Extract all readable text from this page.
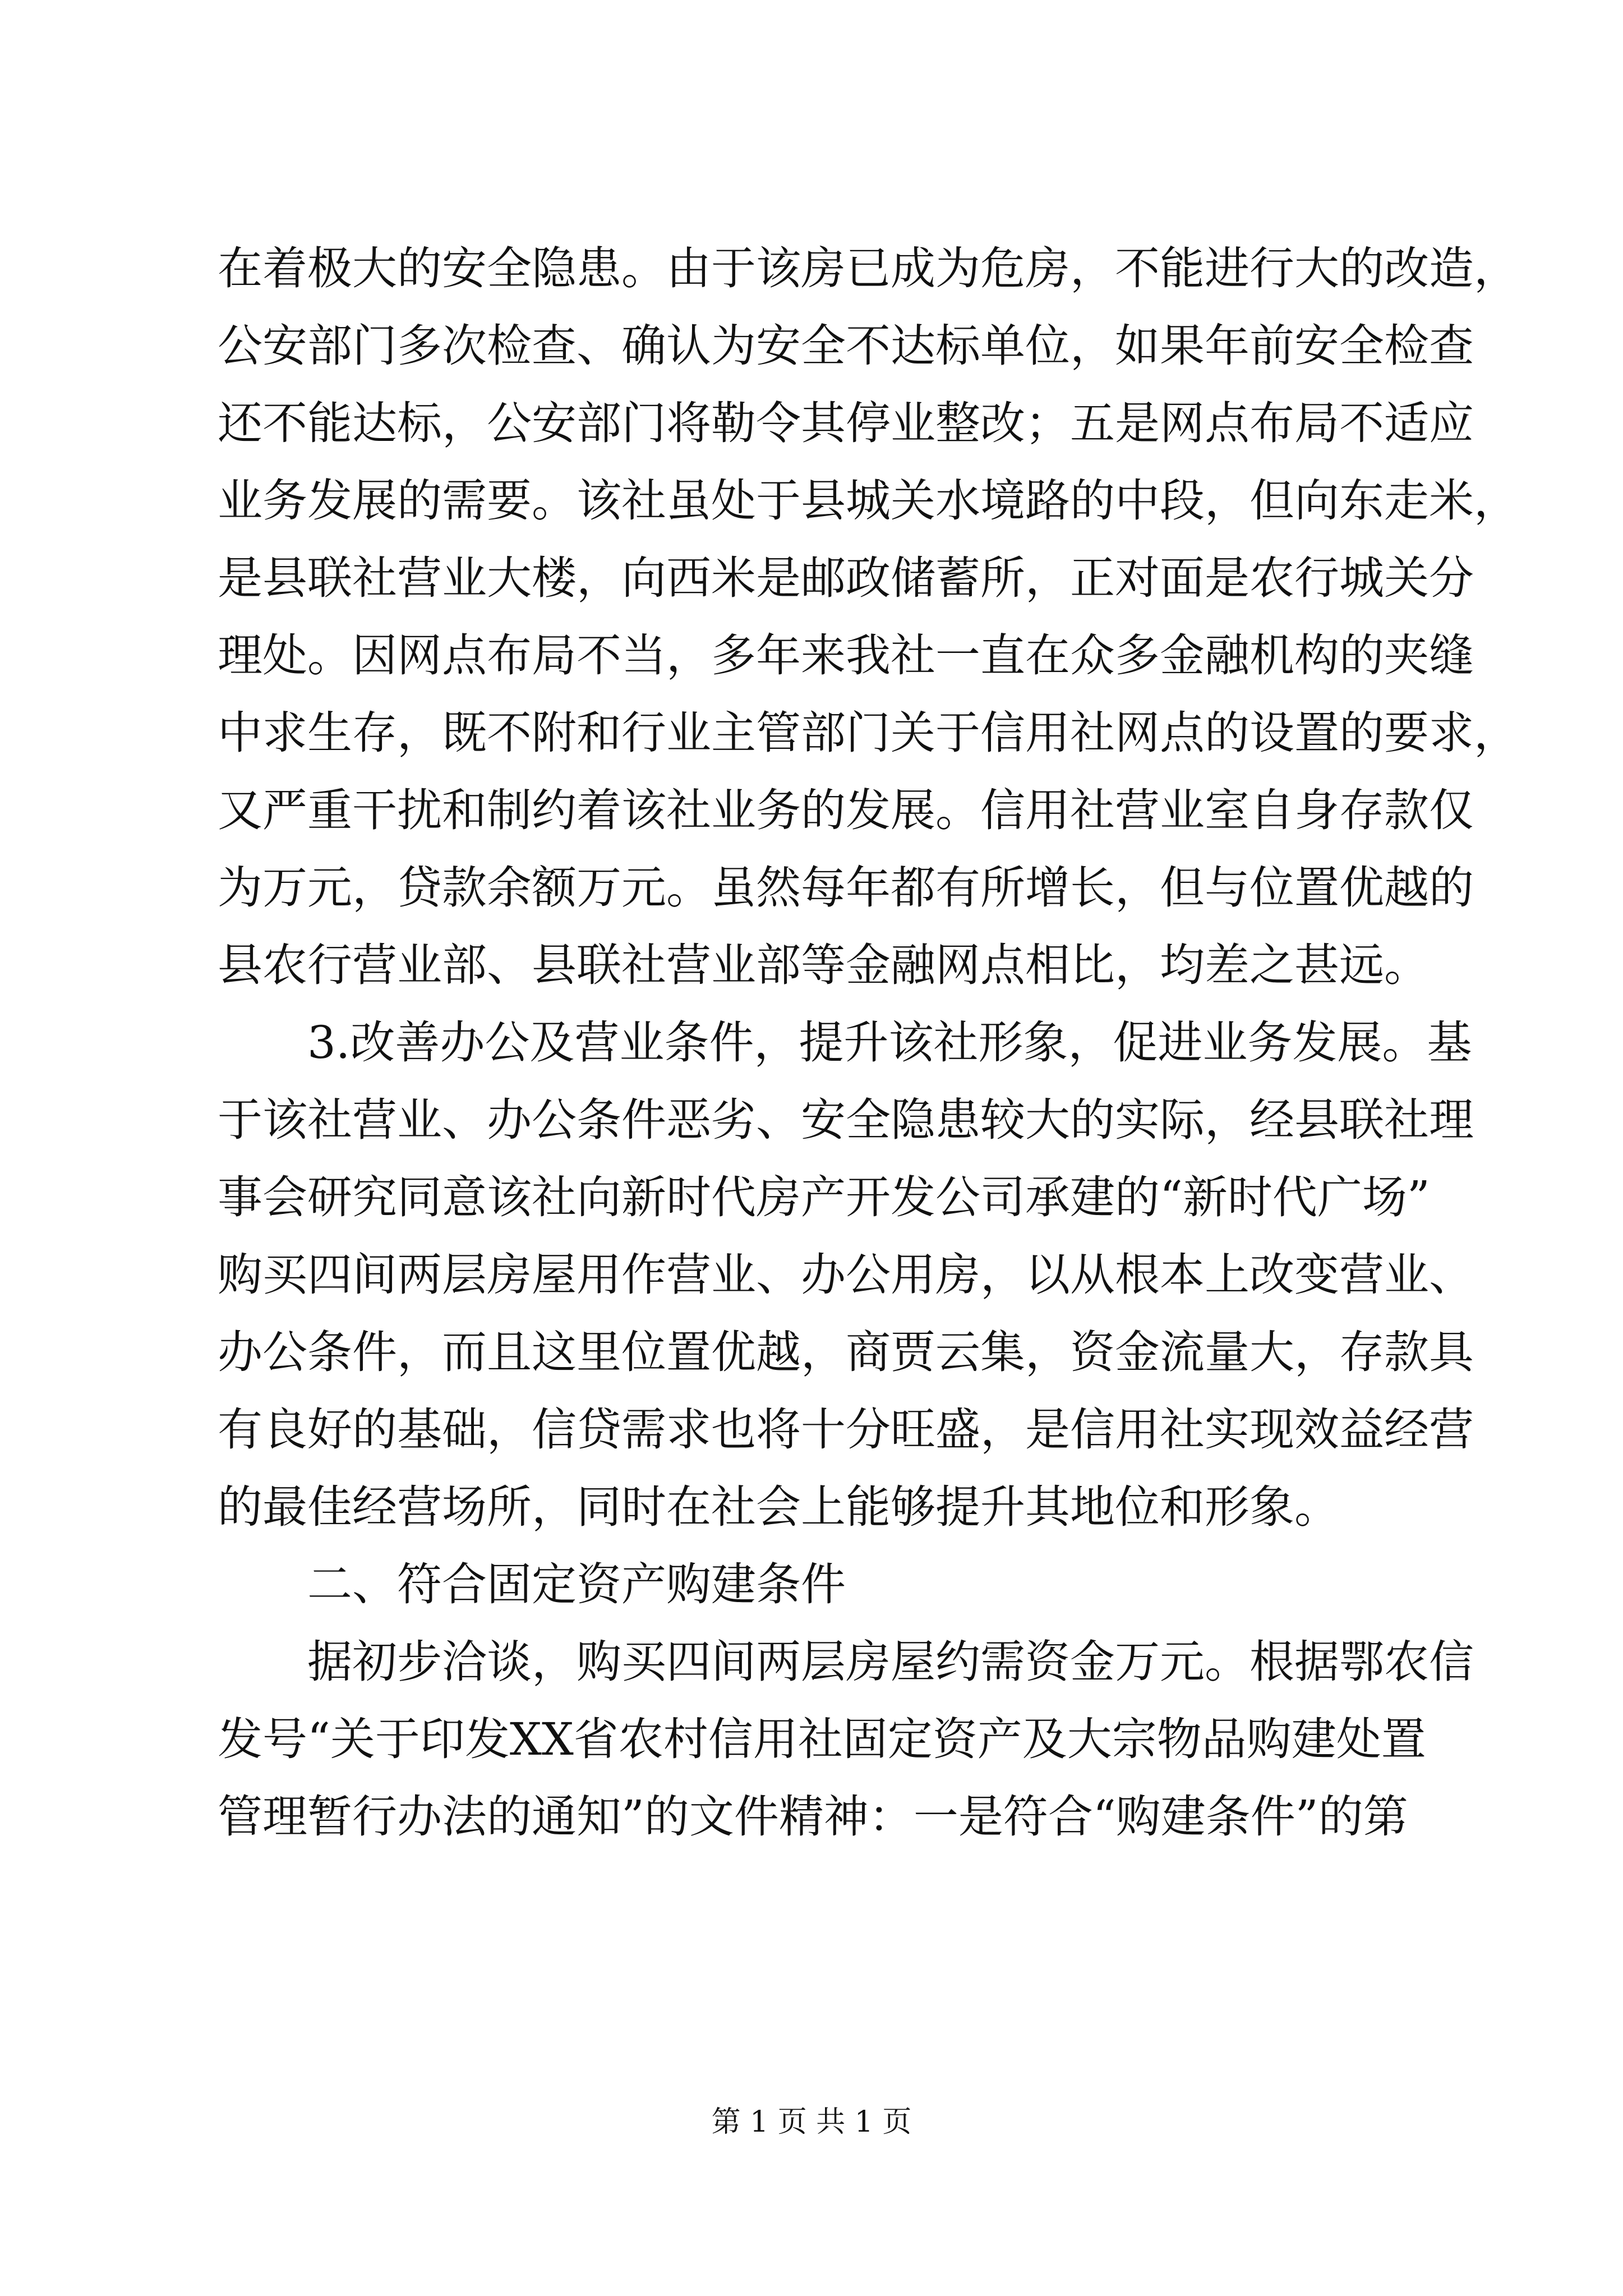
在着极大的安全隐患。由于该房已成为危房，不能进行大的改造，
公安部门多次检查、确认为安全不达标单位，如果年前安全检查
还不能达标，公安部门将勒令其停业整改；五是网点布局不适应
业务发展的需要。该社虽处于县城关水境路的中段，但向东走米，
是县联社营业大楼，向西米是邮政储蓄所，正对面是农行城关分
理处。因网点布局不当，多年来我社一直在众多金融机构的夹缝
中求生存，既不附和行业主管部门关于信用社网点的设置的要求，
又严重干扰和制约着该社业务的发展。信用社营业室自身存款仅
为万元，贷款余额万元。虽然每年都有所增长，但与位置优越的
县农行营业部、县联社营业部等金融网点相比，均差之甚远。
3.改善办公及营业条件，提升该社形象，促进业务发展。基
于该社营业、办公条件恶劣、安全隐患较大的实际，经县联社理
事会研究同意该社向新时代房产开发公司承建的“新时代广场”
购买四间两层房屋用作营业、办公用房，以从根本上改变营业、
办公条件，而且这里位置优越，商贾云集，资金流量大，存款具
有良好的基础，信贷需求也将十分旺盛，是信用社实现效益经营
的最佳经营场所，同时在社会上能够提升其地位和形象。
二、符合固定资产购建条件
据初步洽谈，购买四间两层房屋约需资金万元。根据鄂农信
发号“关于印发XX省农村信用社固定资产及大宗物品购建处置
管理暂行办法的通知”的文件精神：一是符合“购建条件”的第
第 1 页 共 1 页
